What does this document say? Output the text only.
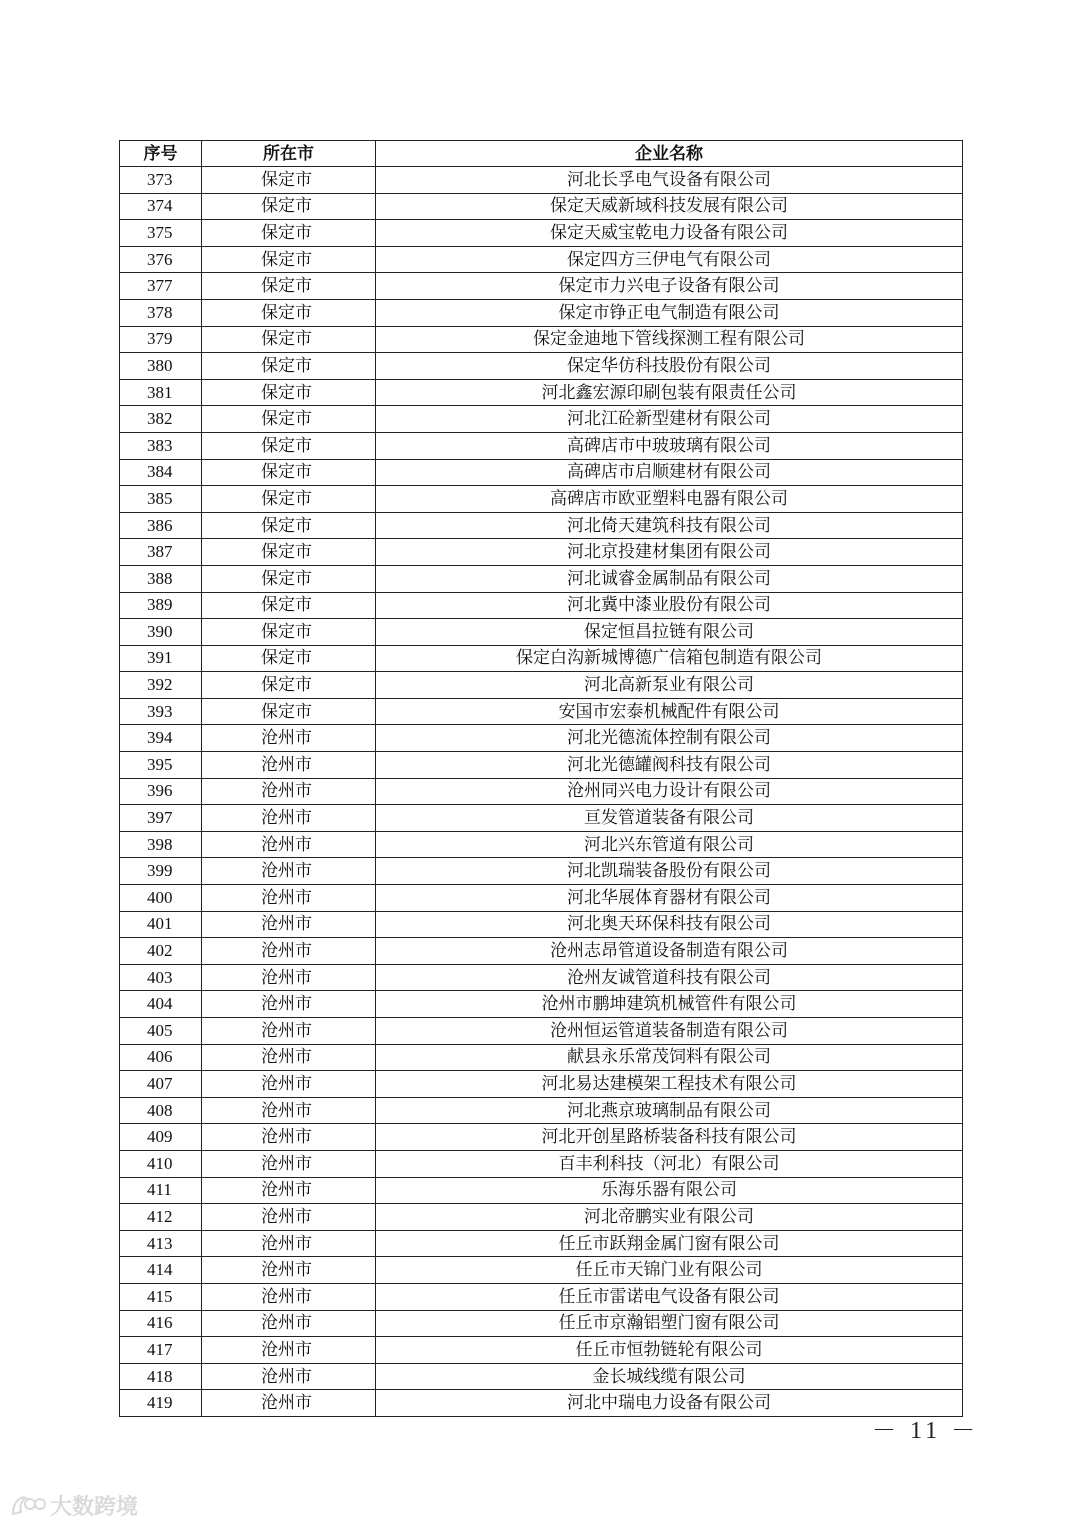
序号	所在市	企业名称
373	保定市	河北长孚电气设备有限公司
374	保定市	保定天威新域科技发展有限公司
375	保定市	保定天威宝乾电力设备有限公司
376	保定市	保定四方三伊电气有限公司
377	保定市	保定市力兴电子设备有限公司
378	保定市	保定市铮正电气制造有限公司
379	保定市	保定金迪地下管线探测工程有限公司
380	保定市	保定华仿科技股份有限公司
381	保定市	河北鑫宏源印刷包装有限责任公司
382	保定市	河北江砼新型建材有限公司
383	保定市	高碑店市中玻玻璃有限公司
384	保定市	高碑店市启顺建材有限公司
385	保定市	高碑店市欧亚塑料电器有限公司
386	保定市	河北倚天建筑科技有限公司
387	保定市	河北京投建材集团有限公司
388	保定市	河北诚睿金属制品有限公司
389	保定市	河北冀中漆业股份有限公司
390	保定市	保定恒昌拉链有限公司
391	保定市	保定白沟新城博德广信箱包制造有限公司
392	保定市	河北高新泵业有限公司
393	保定市	安国市宏泰机械配件有限公司
394	沧州市	河北光德流体控制有限公司
395	沧州市	河北光德罐阀科技有限公司
396	沧州市	沧州同兴电力设计有限公司
397	沧州市	亘发管道装备有限公司
398	沧州市	河北兴东管道有限公司
399	沧州市	河北凯瑞装备股份有限公司
400	沧州市	河北华展体育器材有限公司
401	沧州市	河北奥天环保科技有限公司
402	沧州市	沧州志昂管道设备制造有限公司
403	沧州市	沧州友诚管道科技有限公司
404	沧州市	沧州市鹏坤建筑机械管件有限公司
405	沧州市	沧州恒运管道装备制造有限公司
406	沧州市	献县永乐常茂饲料有限公司
407	沧州市	河北易达建模架工程技术有限公司
408	沧州市	河北燕京玻璃制品有限公司
409	沧州市	河北开创星路桥装备科技有限公司
410	沧州市	百丰利科技（河北）有限公司
411	沧州市	乐海乐器有限公司
412	沧州市	河北帝鹏实业有限公司
413	沧州市	任丘市跃翔金属门窗有限公司
414	沧州市	任丘市天锦门业有限公司
415	沧州市	任丘市雷诺电气设备有限公司
416	沧州市	任丘市京瀚铝塑门窗有限公司
417	沧州市	任丘市恒勃链轮有限公司
418	沧州市	金长城线缆有限公司
419	沧州市	河北中瑞电力设备有限公司
－ 11 －
大数跨境
